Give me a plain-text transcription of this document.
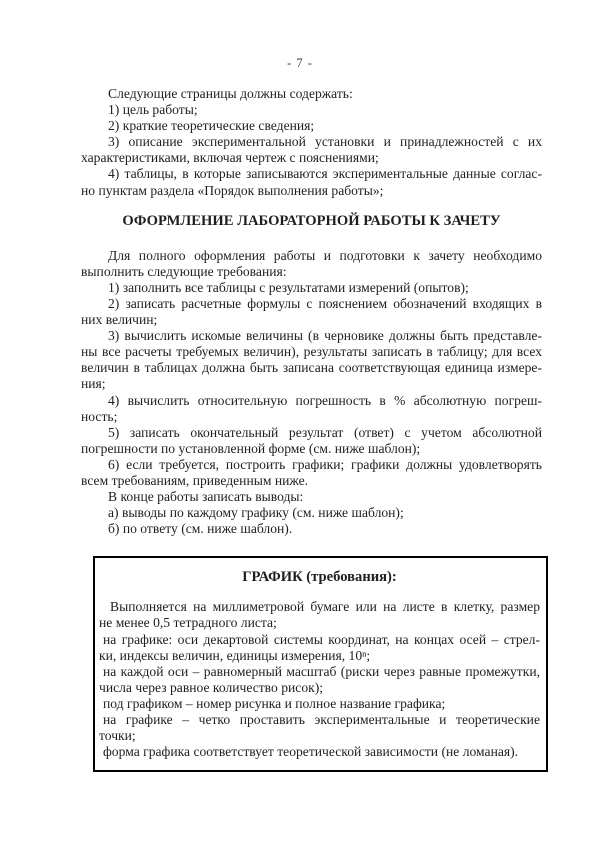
- 7 -
Следующие страницы должны содержать:
1) цель работы;
2) краткие теоретические сведения;
3) описание экспериментальной установки и принадлежностей с их
характеристиками, включая чертеж с пояснениями;
4) таблицы, в которые записываются экспериментальные данные соглас-
но пунктам раздела «Порядок выполнения работы»;
ОФОРМЛЕНИЕ ЛАБОРАТОРНОЙ РАБОТЫ К ЗАЧЕТУ
Для полного оформления работы и подготовки к зачету необходимо
выполнить следующие требования:
1) заполнить все таблицы с результатами измерений (опытов);
2) записать расчетные формулы с пояснением обозначений входящих в
них величин;
3) вычислить искомые величины (в черновике должны быть представле-
ны все расчеты требуемых величин), результаты записать в таблицу; для всех
величин в таблицах должна быть записана соответствующая единица измере-
ния;
4) вычислить относительную погрешность в % абсолютную погреш-
ность;
5) записать окончательный результат (ответ) с учетом абсолютной
погрешности по установленной форме (см. ниже шаблон);
6) если требуется, построить графики; графики должны удовлетворять
всем требованиям, приведенным ниже.
В конце работы записать выводы:
а) выводы по каждому графику (см. ниже шаблон);
б) по ответу (см. ниже шаблон).
ГРАФИК (требования):
Выполняется на миллиметровой бумаге или на листе в клетку, размер
не менее 0,5 тетрадного листа;
на графике: оси декартовой системы координат, на концах осей – стрел-
ки, индексы величин, единицы измерения, 10ⁿ;
на каждой оси – равномерный масштаб (риски через равные промежутки,
числа через равное количество рисок);
под графиком – номер рисунка и полное название графика;
на графике – четко проставить экспериментальные и теоретические
точки;
форма графика соответствует теоретической зависимости (не ломаная).
